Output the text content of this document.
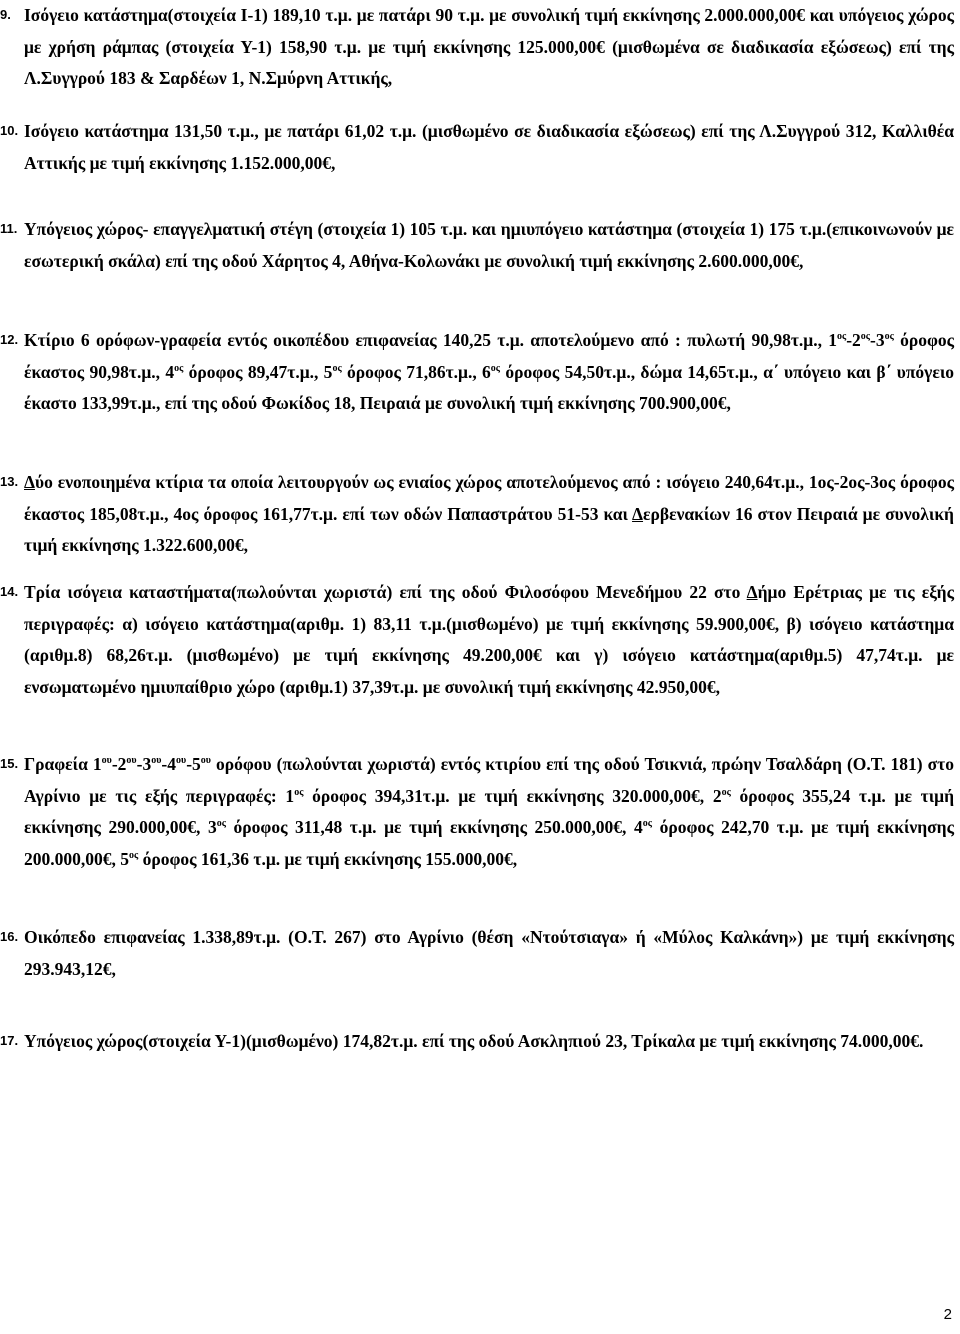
9. Ισόγειο κατάστημα(στοιχεία Ι-1) 189,10 τ.μ. με πατάρι 90 τ.μ. με συνολική τιμή εκκίνησης 2.000.000,00€ και υπόγειος χώρος με χρήση ράμπας (στοιχεία Υ-1) 158,90 τ.μ. με τιμή εκκίνησης 125.000,00€ (μισθωμένα σε διαδικασία εξώσεως) επί της Λ.Συγγρού 183 & Σαρδέων 1, Ν.Σμύρνη Αττικής,
10. Ισόγειο κατάστημα 131,50 τ.μ., με πατάρι 61,02 τ.μ. (μισθωμένο σε διαδικασία εξώσεως) επί της Λ.Συγγρού 312, Καλλιθέα Αττικής με τιμή εκκίνησης 1.152.000,00€,
11. Υπόγειος χώρος- επαγγελματική στέγη (στοιχεία 1) 105 τ.μ. και ημιυπόγειο κατάστημα (στοιχεία 1) 175 τ.μ.(επικοινωνούν με εσωτερική σκάλα) επί της οδού Χάρητος 4, Αθήνα-Κολωνάκι με συνολική τιμή εκκίνησης 2.600.000,00€,
12. Κτίριο 6 ορόφων-γραφεία εντός οικοπέδου επιφανείας 140,25 τ.μ. αποτελούμενο από : πυλωτή 90,98τ.μ., $1^{o\varsigma}-2^{o\varsigma}-3^{o\varsigma}$ όροφος έκαστος 90,98τ.μ., $4^{o\varsigma}$ όροφος 89,47τ.μ., $5^{o\varsigma}$ όροφος 71,86τ.μ., $6^{o\varsigma}$ όροφος 54,50τ.μ., δώμα 14,65τ.μ., α΄ υπόγειο και β΄ υπόγειο έκαστο 133,99τ.μ., επί της οδού Φωκίδος 18, Πειραιά με συνολική τιμή εκκίνησης 700.900,00€,
13. Δύο ενοποιημένα κτίρια τα οποία λειτουργούν ως ενιαίος χώρος αποτελούμενος από : ισόγειο 240,64τ.μ., 1ος-2ος-3ος όροφος έκαστος 185,08τ.μ., 4ος όροφος 161,77τ.μ. επί των οδών Παπαστράτου 51-53 και Δερβενακίων 16 στον Πειραιά με συνολική τιμή εκκίνησης 1.322.600,00€,
14. Τρία ισόγεια καταστήματα(πωλούνται χωριστά) επί της οδού Φιλοσόφου Μενεδήμου 22 στο Δήμο Ερέτριας με τις εξής περιγραφές: α) ισόγειο κατάστημα(αριθμ. 1) 83,11 τ.μ.(μισθωμένο) με τιμή εκκίνησης 59.900,00€, β) ισόγειο κατάστημα (αριθμ.8) 68,26τ.μ. (μισθωμένο) με τιμή εκκίνησης 49.200,00€ και γ) ισόγειο κατάστημα(αριθμ.5) 47,74τ.μ. με ενσωματωμένο ημιυπαίθριο χώρο (αριθμ.1) 37,39τ.μ. με συνολική τιμή εκκίνησης 42.950,00€,
15. Γραφεία $1^{o\upsilon}-2^{o\upsilon}-3^{o\upsilon}-4^{o\upsilon}-5^{o\upsilon}$ ορόφου (πωλούνται χωριστά) εντός κτιρίου επί της οδού Τσικνιά, πρώην Τσαλδάρη (Ο.Τ. 181) στο Αγρίνιο με τις εξής περιγραφές: $1^{o\varsigma}$ όροφος 394,31τ.μ. με τιμή εκκίνησης 320.000,00€, $2^{o\varsigma}$ όροφος 355,24 τ.μ. με τιμή εκκίνησης 290.000,00€, $3^{o\varsigma}$ όροφος 311,48 τ.μ. με τιμή εκκίνησης 250.000,00€, $4^{o\varsigma}$ όροφος 242,70 τ.μ. με τιμή εκκίνησης 200.000,00€, $5^{o\varsigma}$ όροφος 161,36 τ.μ. με τιμή εκκίνησης 155.000,00€,
16. Οικόπεδο επιφανείας 1.338,89τ.μ. (Ο.Τ. 267) στο Αγρίνιο (θέση «Ντούτσιαγα» ή «Μύλος Καλκάνη») με τιμή εκκίνησης 293.943,12€,
17. Υπόγειος χώρος(στοιχεία Υ-1)(μισθωμένο) 174,82τ.μ. επί της οδού Ασκληπιού 23, Τρίκαλα με τιμή εκκίνησης 74.000,00€.
2
